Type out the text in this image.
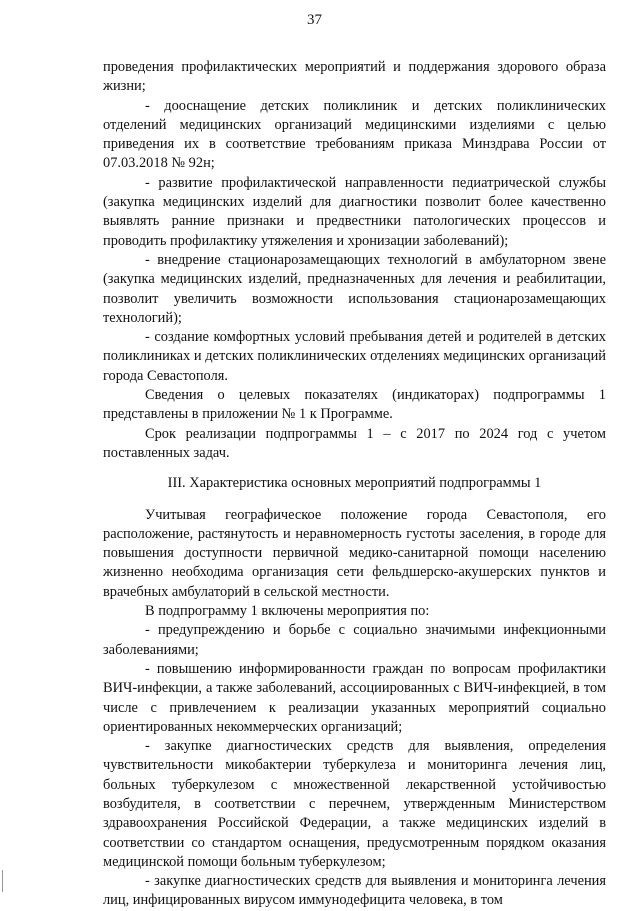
37

проведения профилактических мероприятий и поддержания здорового образа жизни;

- дооснащение детских поликлиник и детских поликлинических отделений медицинских организаций медицинскими изделиями с целью приведения их в соответствие требованиям приказа Минздрава России от 07.03.2018 № 92н;

- развитие профилактической направленности педиатрической службы (закупка медицинских изделий для диагностики позволит более качественно выявлять ранние признаки и предвестники патологических процессов и проводить профилактику утяжеления и хронизации заболеваний);

- внедрение стационарозамещающих технологий в амбулаторном звене (закупка медицинских изделий, предназначенных для лечения и реабилитации, позволит увеличить возможности использования стационарозамещающих технологий);

- создание комфортных условий пребывания детей и родителей в детских поликлиниках и детских поликлинических отделениях медицинских организаций города Севастополя.

Сведения о целевых показателях (индикаторах) подпрограммы 1 представлены в приложении № 1 к Программе.

Срок реализации подпрограммы 1 – с 2017 по 2024 год с учетом поставленных задач.

III. Характеристика основных мероприятий подпрограммы 1

Учитывая географическое положение города Севастополя, его расположение, растянутость и неравномерность густоты заселения, в городе для повышения доступности первичной медико-санитарной помощи населению жизненно необходима организация сети фельдшерско-акушерских пунктов и врачебных амбулаторий в сельской местности.

В подпрограмму 1 включены мероприятия по:

- предупреждению и борьбе с социально значимыми инфекционными заболеваниями;

- повышению информированности граждан по вопросам профилактики ВИЧ-инфекции, а также заболеваний, ассоциированных с ВИЧ-инфекцией, в том числе с привлечением к реализации указанных мероприятий социально ориентированных некоммерческих организаций;

- закупке диагностических средств для выявления, определения чувствительности микобактерии туберкулеза и мониторинга лечения лиц, больных туберкулезом с множественной лекарственной устойчивостью возбудителя, в соответствии с перечнем, утвержденным Министерством здравоохранения Российской Федерации, а также медицинских изделий в соответствии со стандартом оснащения, предусмотренным порядком оказания медицинской помощи больным туберкулезом;

- закупке диагностических средств для выявления и мониторинга лечения лиц, инфицированных вирусом иммунодефицита человека, в том
